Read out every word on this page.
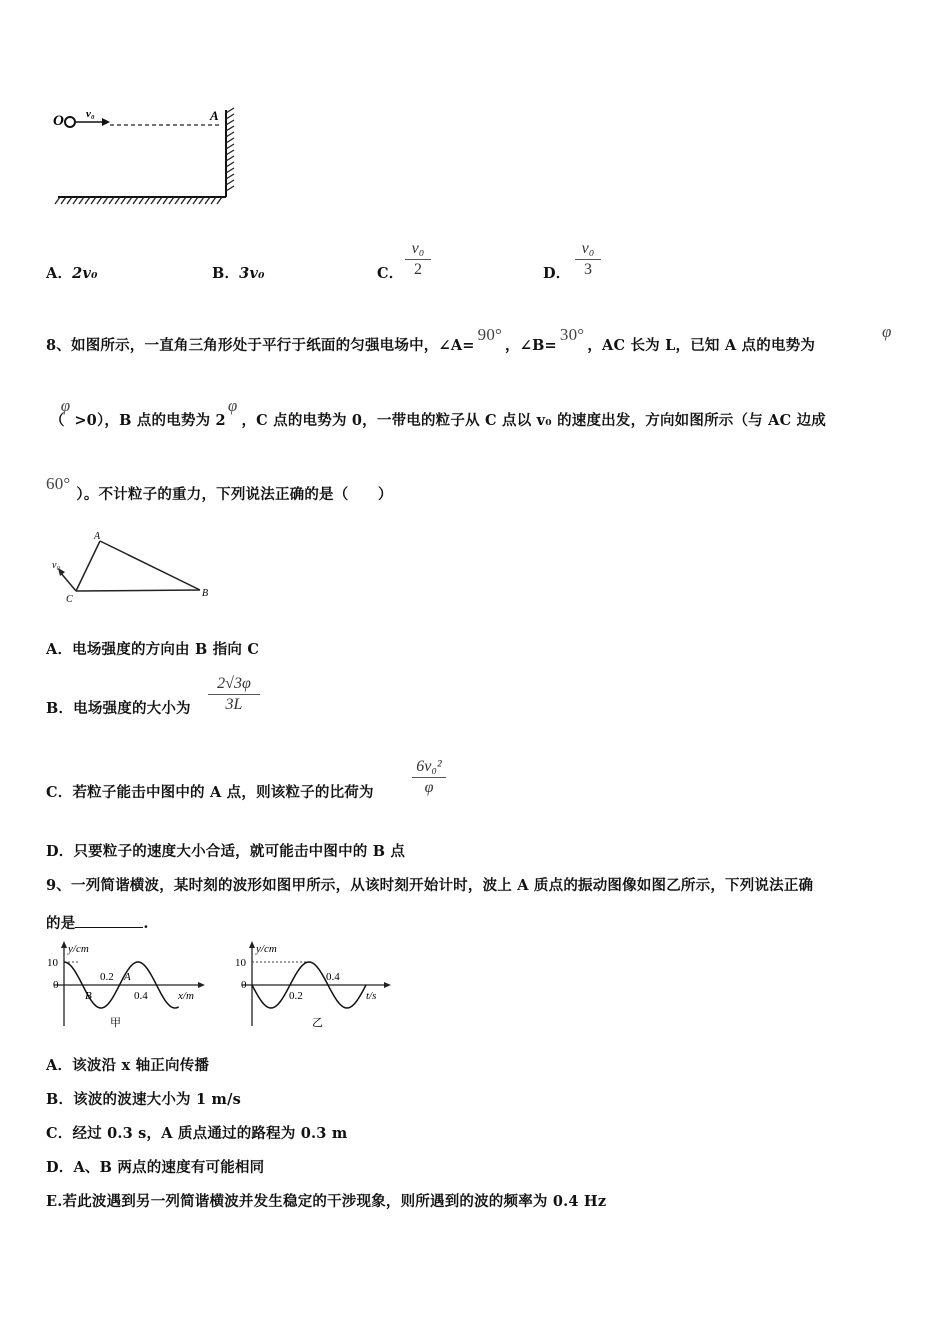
O v₀	A
A．2v₀	B．3v₀	C．
v₀
2	D．
v₀
3
8、如图所示，一直角三角形处于平行于纸面的匀强电场中，∠A=90°，∠B=30°，AC 长为 L，已知 A 点的电势为
φ
（φ>0），B 点的电势为 2φ，C 点的电势为 0，一带电的粒子从 C 点以 v₀ 的速度出发，方向如图所示（与 AC 边成
60°）。不计粒子的重力，下列说法正确的是（　　）
A
B
C
v₀
A．电场强度的方向由 B 指向 C
B．电场强度的大小为
2√3φ
3L
C．若粒子能击中图中的 A 点，则该粒子的比荷为
6v₀²
φ
D．只要粒子的速度大小合适，就可能击中图中的 B 点
9、一列简谐横波，某时刻的波形如图甲所示，从该时刻开始计时，波上 A 质点的振动图像如图乙所示，下列说法正确
的是	.
y/cm
10
0
0.2 A
B	0.4	x/m
甲
y/cm
10
0
0.2
0.4
t/s
乙
A．该波沿 x 轴正向传播
B．该波的波速大小为 1 m/s
C．经过 0.3 s，A 质点通过的路程为 0.3 m
D．A、B 两点的速度有可能相同
E.若此波遇到另一列简谐横波并发生稳定的干涉现象，则所遇到的波的频率为 0.4 Hz
